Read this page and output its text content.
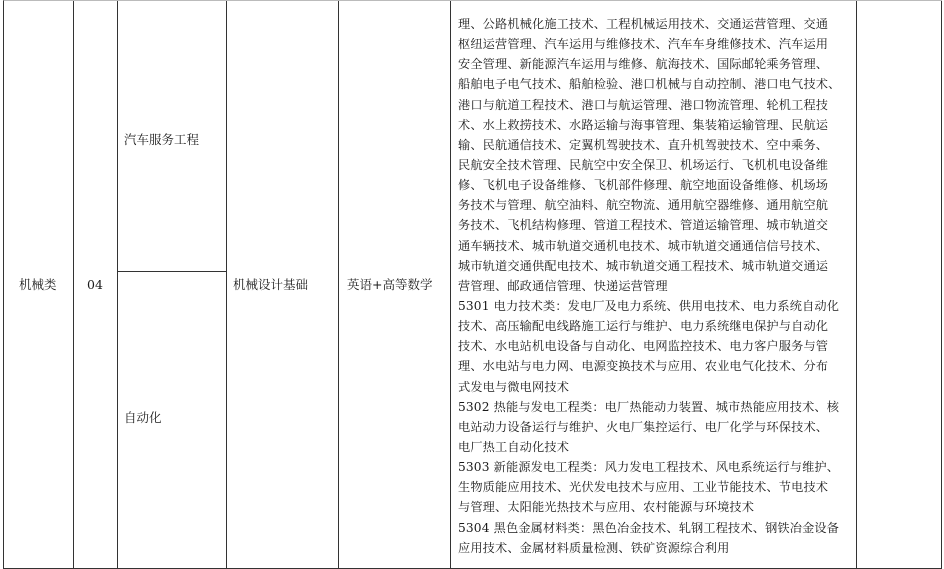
机械类 04
汽车服务工程
自动化
机械设计基础	英语+高等数学
理、公路机械化施工技术、工程机械运用技术、交通运营管理、交通
枢纽运营管理、汽车运用与维修技术、汽车车身维修技术、汽车运用
安全管理、新能源汽车运用与维修、航海技术、国际邮轮乘务管理、
船舶电子电气技术、船舶检验、港口机械与自动控制、港口电气技术、
港口与航道工程技术、港口与航运管理、港口物流管理、轮机工程技
术、水上救捞技术、水路运输与海事管理、集装箱运输管理、民航运
输、民航通信技术、定翼机驾驶技术、直升机驾驶技术、空中乘务、
民航安全技术管理、民航空中安全保卫、机场运行、飞机机电设备维
修、飞机电子设备维修、飞机部件修理、航空地面设备维修、机场场
务技术与管理、航空油料、航空物流、通用航空器维修、通用航空航
务技术、飞机结构修理、管道工程技术、管道运输管理、城市轨道交
通车辆技术、城市轨道交通机电技术、城市轨道交通通信信号技术、
城市轨道交通供配电技术、城市轨道交通工程技术、城市轨道交通运
营管理、邮政通信管理、快递运营管理
5301 电力技术类：发电厂及电力系统、供用电技术、电力系统自动化
技术、高压输配电线路施工运行与维护、电力系统继电保护与自动化
技术、水电站机电设备与自动化、电网监控技术、电力客户服务与管
理、水电站与电力网、电源变换技术与应用、农业电气化技术、分布
式发电与微电网技术
5302 热能与发电工程类：电厂热能动力装置、城市热能应用技术、核
电站动力设备运行与维护、火电厂集控运行、电厂化学与环保技术、
电厂热工自动化技术
5303 新能源发电工程类：风力发电工程技术、风电系统运行与维护、
生物质能应用技术、光伏发电技术与应用、工业节能技术、节电技术
与管理、太阳能光热技术与应用、农村能源与环境技术
5304 黑色金属材料类：黑色冶金技术、轧钢工程技术、钢铁冶金设备
应用技术、金属材料质量检测、铁矿资源综合利用
